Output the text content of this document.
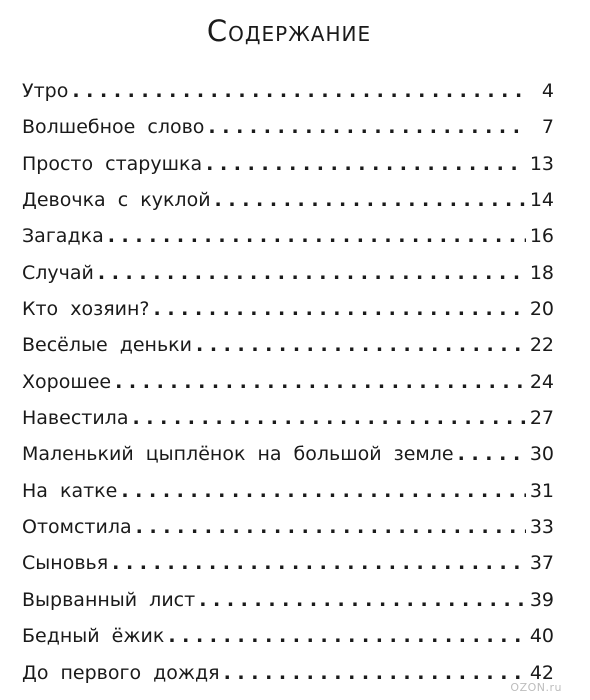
Содержание
Утро . . .	4
Волшебное слово . . .	7
Просто старушка . . .	13
Девочка с куклой . . .	14
Загадка . . .	16
Случай . . .	18
Кто хозяин? . . .	20
Весёлые деньки . . .	22
Хорошее . . .	24
Навестила . . .	27
Маленький цыплёнок на большой земле . . .	30
На катке . . .	31
Отомстила . . .	33
Сыновья . . .	37
Вырванный лист . . .	39
Бедный ёжик . . .	40
До первого дождя . . .	42
OZON.ru
